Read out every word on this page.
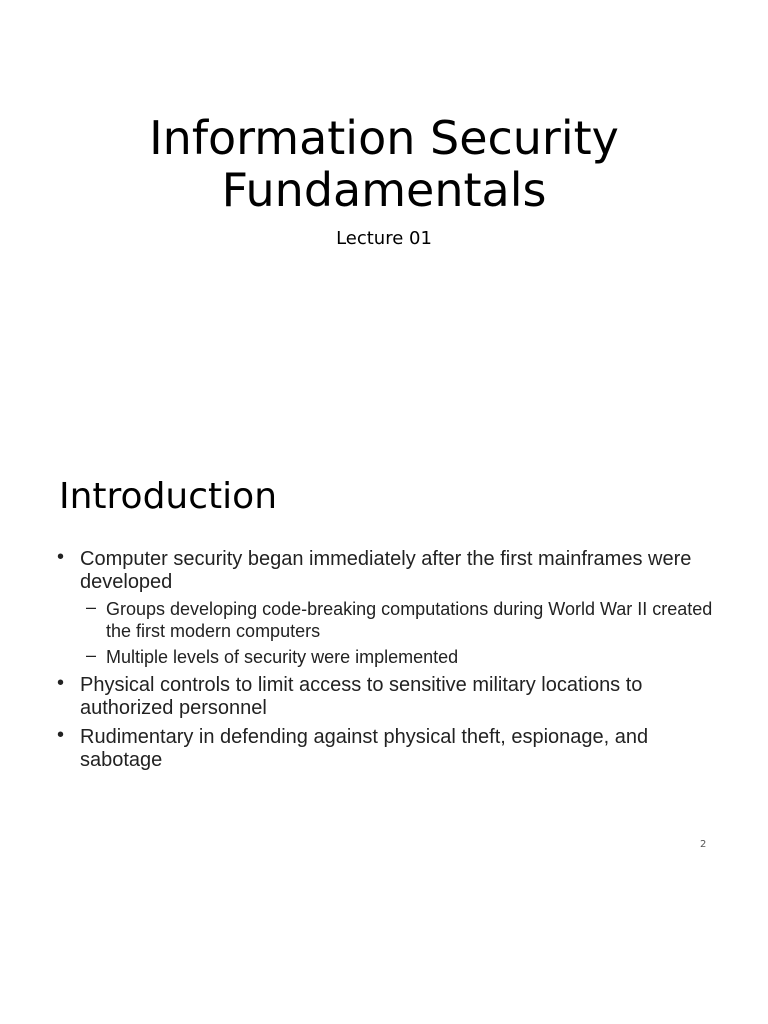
Information Security
Fundamentals
Lecture 01
Introduction
• Computer security began immediately after the first mainframes were developed
– Groups developing code-breaking computations during World War II created the first modern computers
– Multiple levels of security were implemented
• Physical controls to limit access to sensitive military locations to authorized personnel
• Rudimentary in defending against physical theft, espionage, and sabotage
2
